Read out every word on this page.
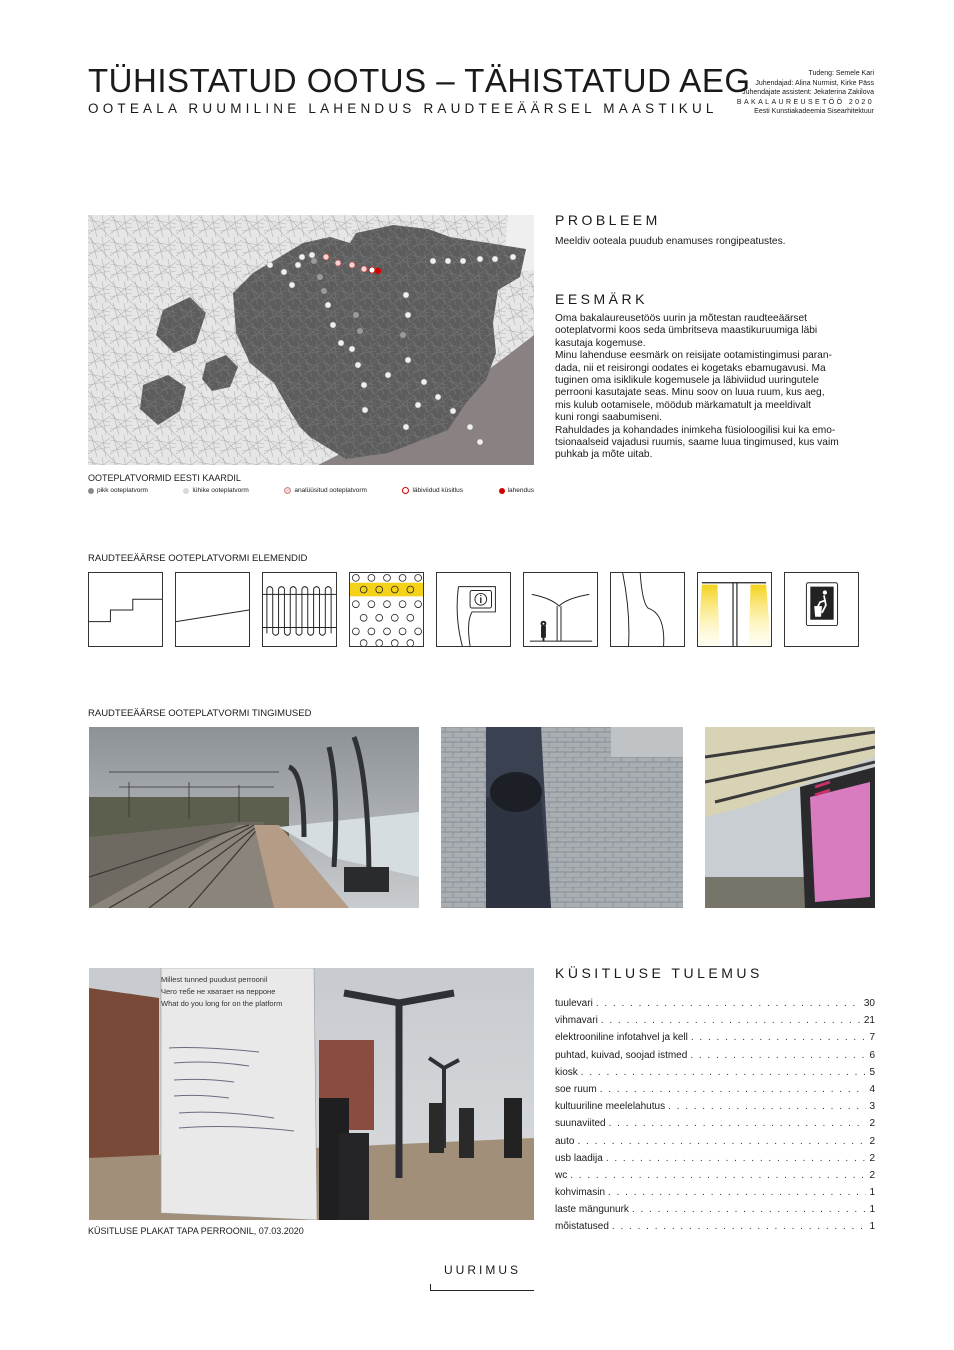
TÜHISTATUD OOTUS – TÄHISTATUD AEG
OOTEALA RUUMILINE LAHENDUS RAUDTEEÄÄRSEL MAASTIKUL
Tudeng: Semele Kari
Juhendajad: Alina Nurmist, Kirke Päss
Juhendajate assistent: Jekaterina Zakilova
BAKALAUREUSETÖÖ 2020
Eesti Kunstiakadeemia Sisearhitektuur
OOTEPLATVORMID EESTI KAARDIL
pikk ooteplatvorm	lühike ooteplatvorm	analüüsitud ooteplatvorm	läbiviidud küsitlus	lahendus
PROBLEEM
Meeldiv ooteala puudub enamuses rongipeatustes.
EESMÄRK
Oma bakalaureusetöös uurin ja mõtestan raudteeäärset
ooteplatvormi koos seda ümbritseva maastikuruumiga läbi
kasutaja kogemuse.
Minu lahenduse eesmärk on reisijate ootamistingimusi paran-
dada, nii et reisirongi oodates ei kogetaks ebamugavusi. Ma
tuginen oma isiklikule kogemusele ja läbiviidud uuringutele
perrooni kasutajate seas. Minu soov on luua ruum, kus aeg,
mis kulub ootamisele, möödub märkamatult ja meeldivalt
kuni rongi saabumiseni.
Rahuldades ja kohandades inimkeha füsioloogilisi kui ka emo-
tsionaalseid vajadusi ruumis, saame luua tingimused, kus vaim
puhkab ja mõte uitab.
RAUDTEEÄÄRSE OOTEPLATVORMI ELEMENDID
RAUDTEEÄÄRSE OOTEPLATVORMI TINGIMUSED
Millest tunned puudust perroonil
Чего тебе не хватает на перроне
What do you long for on the platform
KÜSITLUSE PLAKAT TAPA PERROONIL, 07.03.2020
KÜSITLUSE TULEMUS
tuulevari . . .	30
vihmavari . . .	21
elektrooniline infotahvel ja kell . . .	7
puhtad, kuivad, soojad istmed . . .	6
kiosk . . .	5
soe ruum . . .	4
kultuuriline meelelahutus . . .	3
suunaviited . . .	2
auto . . .	2
usb laadija . . .	2
wc . . .	2
kohvimasin . . .	1
laste mängunurk . . .	1
mõistatused . . .	1
UURIMUS
